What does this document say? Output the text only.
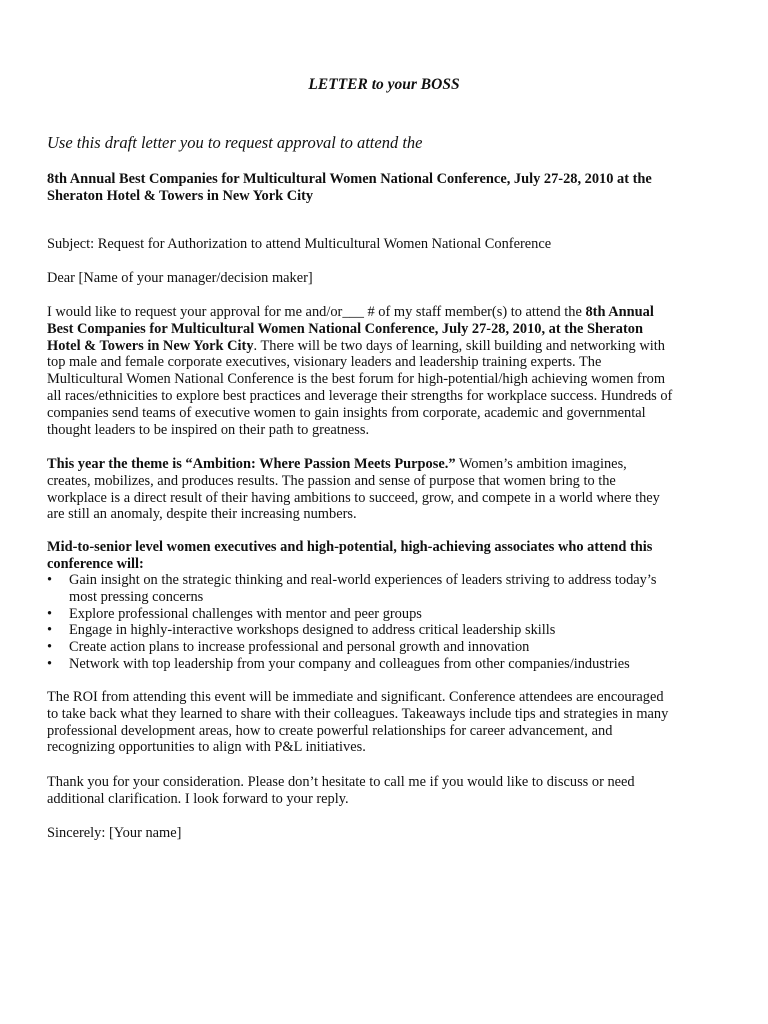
LETTER to your BOSS
Use this draft letter you to request approval to attend the
8th Annual Best Companies for Multicultural Women National Conference, July 27-28, 2010 at the
Sheraton Hotel & Towers in New York City
Subject: Request for Authorization to attend Multicultural Women National Conference
Dear [Name of your manager/decision maker]
I would like to request your approval for me and/or___ # of my staff member(s) to attend the 8th Annual
Best Companies for Multicultural Women National Conference, July 27-28, 2010, at the Sheraton
Hotel & Towers in New York City. There will be two days of learning, skill building and networking with
top male and female corporate executives, visionary leaders and leadership training experts. The
Multicultural Women National Conference is the best forum for high-potential/high achieving women from
all races/ethnicities to explore best practices and leverage their strengths for workplace success. Hundreds of
companies send teams of executive women to gain insights from corporate, academic and governmental
thought leaders to be inspired on their path to greatness.
This year the theme is “Ambition: Where Passion Meets Purpose.” Women’s ambition imagines,
creates, mobilizes, and produces results. The passion and sense of purpose that women bring to the
workplace is a direct result of their having ambitions to succeed, grow, and compete in a world where they
are still an anomaly, despite their increasing numbers.
Mid-to-senior level women executives and high-potential, high-achieving associates who attend this
conference will:
•	Gain insight on the strategic thinking and real-world experiences of leaders striving to address today’s
most pressing concerns
•	Explore professional challenges with mentor and peer groups
•	Engage in highly-interactive workshops designed to address critical leadership skills
•	Create action plans to increase professional and personal growth and innovation
•	Network with top leadership from your company and colleagues from other companies/industries
The ROI from attending this event will be immediate and significant. Conference attendees are encouraged
to take back what they learned to share with their colleagues. Takeaways include tips and strategies in many
professional development areas, how to create powerful relationships for career advancement, and
recognizing opportunities to align with P&L initiatives.
Thank you for your consideration. Please don’t hesitate to call me if you would like to discuss or need
additional clarification. I look forward to your reply.
Sincerely: [Your name]
